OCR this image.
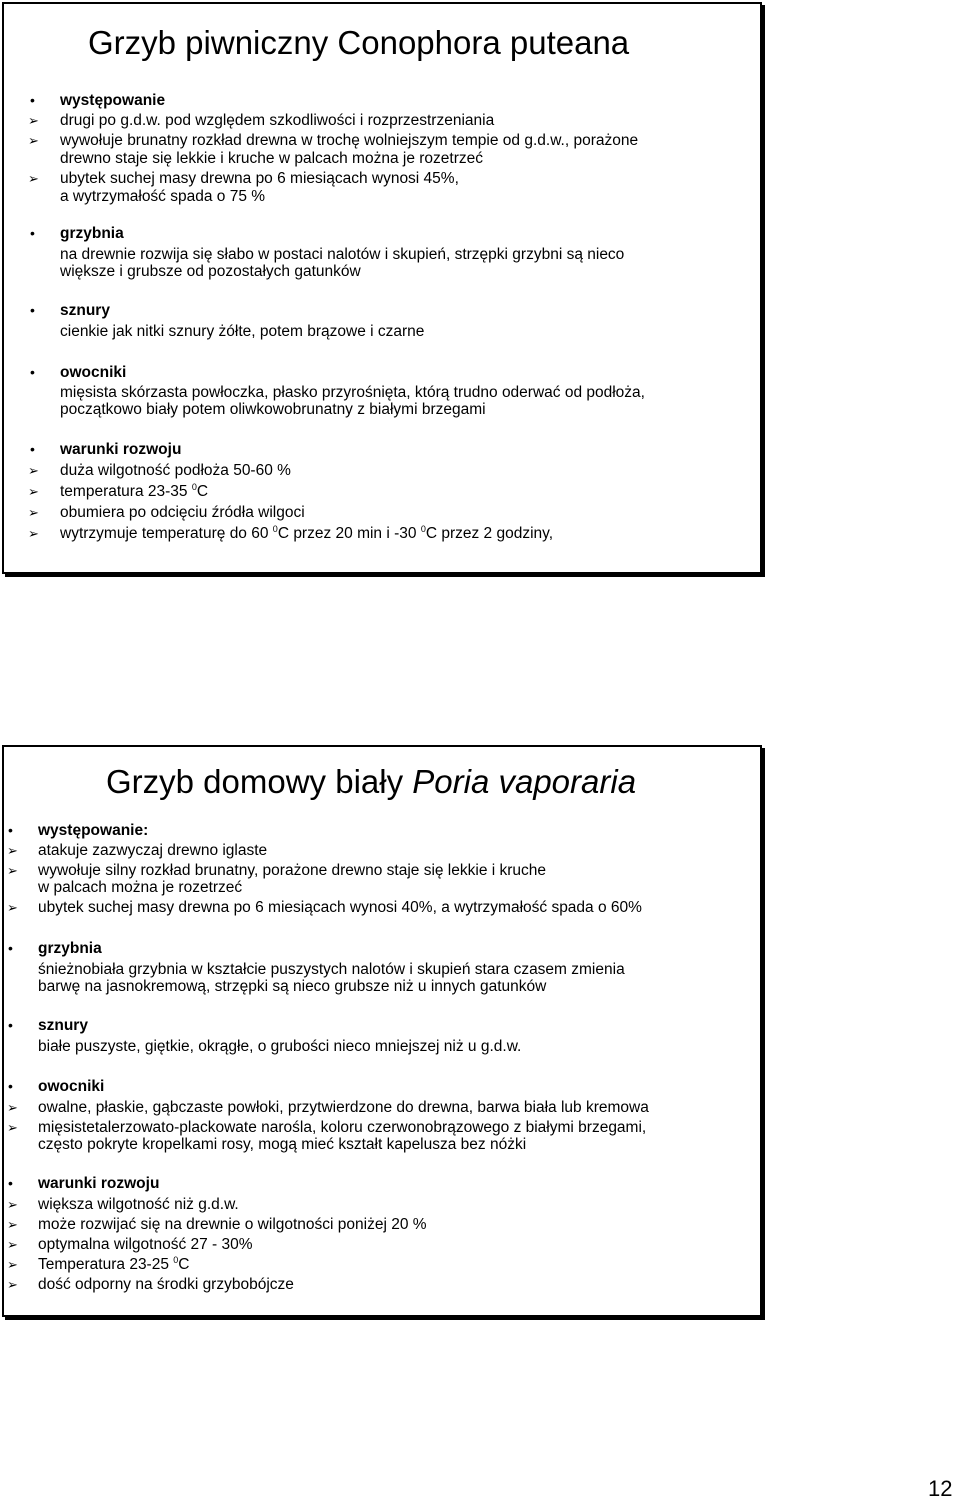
Grzyb piwniczny Conophora puteana
• występowanie
➢ drugi po g.d.w. pod względem szkodliwości i rozprzestrzeniania
➢ wywołuje brunatny rozkład drewna w trochę wolniejszym tempie od g.d.w., porażone
drewno staje się lekkie i kruche w palcach można je rozetrzeć
➢ ubytek suchej masy drewna po 6 miesiącach wynosi 45%,
a wytrzymałość spada o 75 %
• grzybnia
na drewnie rozwija się słabo w postaci nalotów i skupień, strzępki grzybni są nieco
większe i grubsze od pozostałych gatunków
• sznury
cienkie jak nitki sznury żółte, potem brązowe i czarne
• owocniki
mięsista skórzasta powłoczka, płasko przyrośnięta, którą trudno oderwać od podłoża,
początkowo biały potem oliwkowobrunatny z białymi brzegami
• warunki rozwoju
➢ duża wilgotność podłoża 50-60 %
➢ temperatura 23-35 $^0$C
➢ obumiera po odcięciu źródła wilgoci
➢ wytrzymuje temperaturę do 60 $^0$C przez 20 min i -30 $^0$C przez 2 godziny,
Grzyb domowy biały Poria vaporaria
• występowanie:
➢ atakuje zazwyczaj drewno iglaste
➢ wywołuje silny rozkład brunatny, porażone drewno staje się lekkie i kruche
w palcach można je rozetrzeć
➢ ubytek suchej masy drewna po 6 miesiącach wynosi 40%, a wytrzymałość spada o 60%
• grzybnia
śnieżnobiała grzybnia w kształcie puszystych nalotów i skupień stara czasem zmienia
barwę na jasnokremową, strzępki są nieco grubsze niż u innych gatunków
• sznury
białe puszyste, giętkie, okrągłe, o grubości nieco mniejszej niż u g.d.w.
• owocniki
➢ owalne, płaskie, gąbczaste powłoki, przytwierdzone do drewna, barwa biała lub kremowa
➢ mięsistetalerzowato-plackowate narośla, koloru czerwonobrązowego z białymi brzegami,
często pokryte kropelkami rosy, mogą mieć kształt kapelusza bez nóżki
• warunki rozwoju
➢ większa wilgotność niż g.d.w.
➢ może rozwijać się na drewnie o wilgotności poniżej 20 %
➢ optymalna wilgotność 27 - 30%
➢ Temperatura 23-25 $^0$C
➢ dość odporny na środki grzybobójcze
12
